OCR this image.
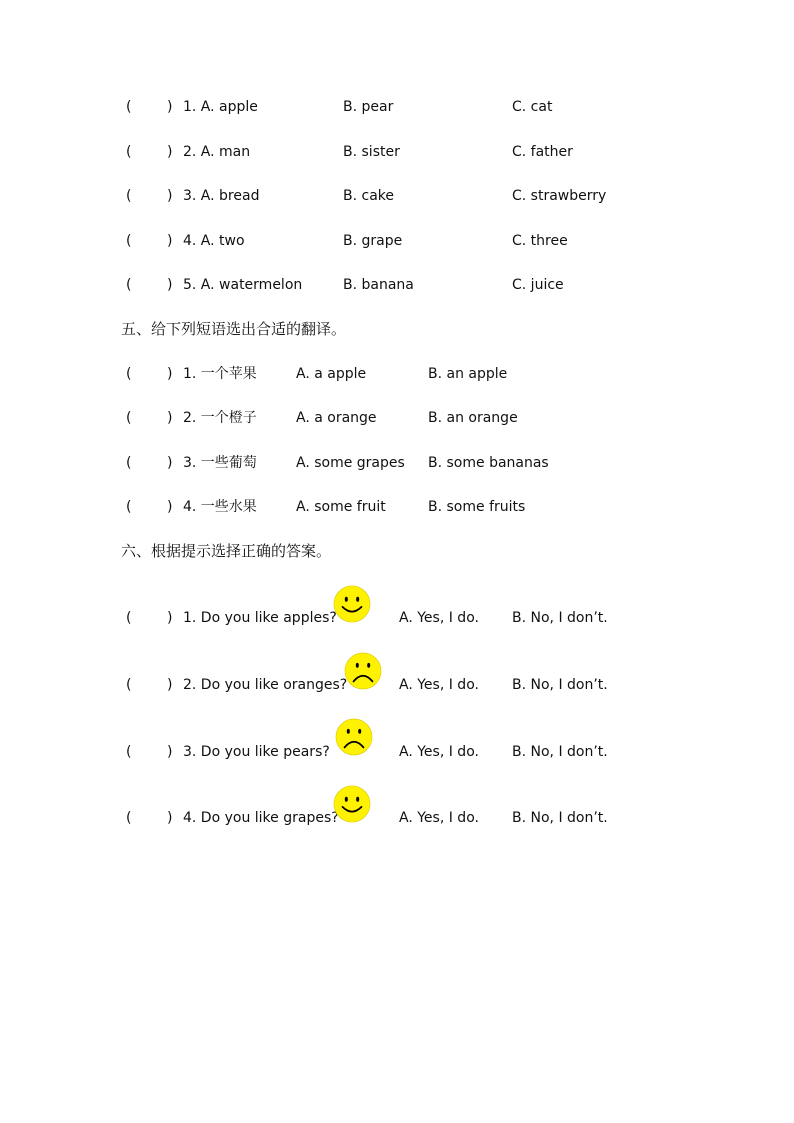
(	) 1. A. apple	B. pear	C. cat
(	) 2. A. man	B. sister	C. father
(	) 3. A. bread	B. cake	C. strawberry
(	) 4. A. two	B. grape	C. three
(	) 5. A. watermelon	B. banana	C. juice
五、给下列短语选出合适的翻译。
(	) 1. 一个苹果	A. a apple	B. an apple
(	) 2. 一个橙子	A. a orange	B. an orange
(	) 3. 一些葡萄	A. some grapes B. some bananas
(	) 4. 一些水果	A. some fruit	B. some fruits
六、根据提示选择正确的答案。
(	) 1. Do you like apples?	A. Yes, I do. B. No, I don’t.
(	) 2. Do you like oranges?	A. Yes, I do. B. No, I don’t.
(	) 3. Do you like pears?	A. Yes, I do. B. No, I don’t.
(	) 4. Do you like grapes?	A. Yes, I do. B. No, I don’t.
